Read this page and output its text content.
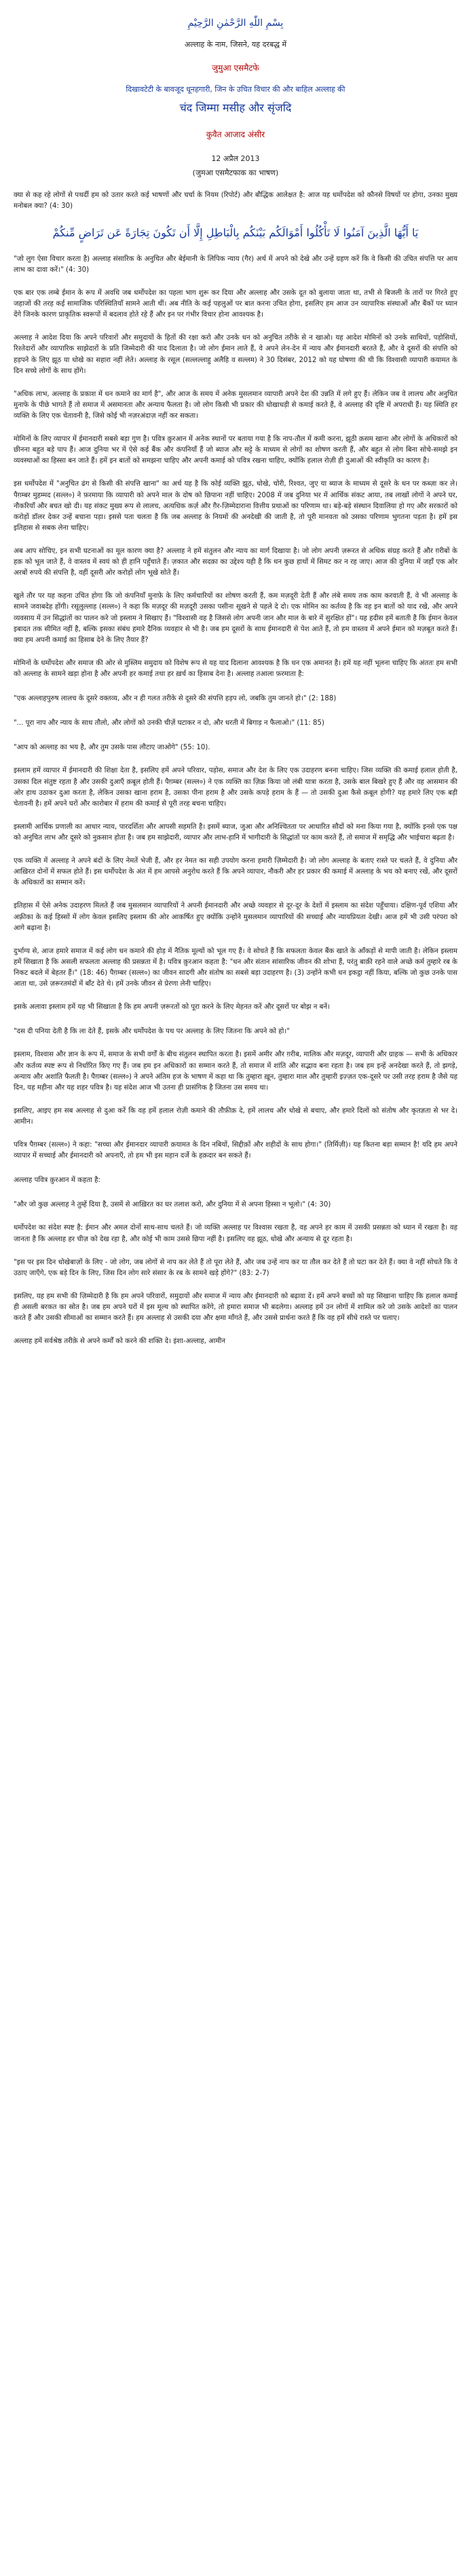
بِسْمِ اللّٰهِ الرَّحْمٰنِ الرَّحِيْمِ
अल्लाह के नाम, जिसने, यह दरबद्ध में
जुमुआ एसमैटफे
दिखावटेटी के बावजूद धूनहगारी, जिन के उचित विचार की और बाहिल अल्लाह की
चंद जिम्मा मसीह और सृंजदि
कुवैत आजाद अंसीर
12 अप्रैल 2013
(जुमआ एसमैटफाक का भाषण)

क्या से कह रहे लोगों से पथर्दी हम को उतार करते कई भाषणों और चर्चा के नियम (रिपोर्ट) और बौद्धिक आलेक्षत है: आज यह धर्मोपदेश को कौनसे विषयों पर होगा, उनका मुख्य मनोबल क्या? (4: 30)

يَا أَيُّهَا الَّذِينَ آمَنُوا لَا تَأْكُلُوا أَمْوَالَكُم بَيْنَكُم بِالْبَاطِلِ إِلَّا أَن تَكُونَ تِجَارَةً عَن تَرَاضٍ مِّنكُمْ

"जो लुग ऐसा विचार करता है) अल्लाह संसारिक के अनुचित और बेईमानी के लिपिक न्याय (गैर) अर्थ में अपने को देखे और उन्हें ग्रहण करें कि वे किसी की उचित संपत्ति पर आय लाभ का दावा करें।" (4: 30)

एक बार एक लम्बे ईमान के रूप में अवधि जब धर्मोपदेश का पहला भाग शुरू कर दिया और अल्लाह और उसके दूत को बुलाया जाता था, तभी से बिजली के तारों पर गिरते हुए जहाजों की तरह कई सामाजिक परिस्थितियाँ सामने आती थीं। अब नीति के कई पहलुओं पर बात करना उचित होगा, इसलिए हम आज उन व्यापारिक संस्थाओं और बैंकों पर ध्यान देंगे जिनके कारण प्राकृतिक स्वरूपों में बदलाव होते रहे हैं और इन पर गंभीर विचार होना आवश्यक है।

अल्लाह ने आदेश दिया कि अपने परिवारों और समुदायों के हितों की रक्षा करो और उनके धन को अनुचित तरीके से न खाओ। यह आदेश मोमिनों को उनके साथियों, पड़ोसियों, रिश्तेदारों और व्यापारिक साझेदारों के प्रति जिम्मेदारी की याद दिलाता है। जो लोग ईमान लाते हैं, वे अपने लेन-देन में न्याय और ईमानदारी बरतते हैं, और वे दूसरों की संपत्ति को हड़पने के लिए झूठ या धोखे का सहारा नहीं लेते। अल्लाह के रसूल (सल्लल्लाहु अलैहि व सल्लम) ने 30 दिसंबर, 2012 को यह घोषणा की थी कि विश्वासी व्यापारी कयामत के दिन सच्चे लोगों के साथ होंगे।

"अधिक लाभ, अल्लाह के प्रकाश में धन कमाने का मार्ग है", और आज के समय में अनेक मुसलमान व्यापारी अपने देश की उन्नति में लगे हुए हैं। लेकिन जब वे लालच और अनुचित मुनाफे के पीछे भागते हैं तो समाज में असमानता और अन्याय फैलता है। जो लोग किसी भी प्रकार की धोखाधड़ी से कमाई करते हैं, वे अल्लाह की दृष्टि में अपराधी हैं। यह स्थिति हर व्यक्ति के लिए एक चेतावनी है, जिसे कोई भी नज़रअंदाज़ नहीं कर सकता।

मोमिनों के लिए व्यापार में ईमानदारी सबसे बड़ा गुण है। पवित्र क़ुरआन में अनेक स्थानों पर बताया गया है कि नाप-तौल में कमी करना, झूठी क़सम खाना और लोगों के अधिकारों को छीनना बहुत बड़े पाप हैं। आज दुनिया भर में ऐसे कई बैंक और कंपनियाँ हैं जो ब्याज और सट्टे के माध्यम से लोगों का शोषण करती हैं, और बहुत से लोग बिना सोचे-समझे इन व्यवस्थाओं का हिस्सा बन जाते हैं। हमें इन बातों को समझना चाहिए और अपनी कमाई को पवित्र रखना चाहिए, क्योंकि हलाल रोज़ी ही दुआओं की स्वीकृति का कारण है।

इस धर्मोपदेश में "अनुचित ढंग से किसी की संपत्ति खाना" का अर्थ यह है कि कोई व्यक्ति झूठ, धोखे, चोरी, रिश्वत, जुए या ब्याज के माध्यम से दूसरे के धन पर कब्ज़ा कर ले। पैग़म्बर मुहम्मद (सल्ल०) ने फ़रमाया कि व्यापारी को अपने माल के दोष को छिपाना नहीं चाहिए। 2008 में जब दुनिया भर में आर्थिक संकट आया, तब लाखों लोगों ने अपने घर, नौकरियाँ और बचत खो दी। यह संकट मुख्य रूप से लालच, अत्यधिक कर्ज़ और ग़ैर-ज़िम्मेदाराना वित्तीय प्रथाओं का परिणाम था। बड़े-बड़े संस्थान दिवालिया हो गए और सरकारों को करोड़ों डॉलर देकर उन्हें बचाना पड़ा। इससे पता चलता है कि जब अल्लाह के नियमों की अनदेखी की जाती है, तो पूरी मानवता को उसका परिणाम भुगतना पड़ता है। हमें इस इतिहास से सबक लेना चाहिए।

अब आप सोचिए, इन सभी घटनाओं का मूल कारण क्या है? अल्लाह ने हमें संतुलन और न्याय का मार्ग दिखाया है। जो लोग अपनी ज़रूरत से अधिक संग्रह करते हैं और ग़रीबों के हक़ को भूल जाते हैं, वे वास्तव में स्वयं को ही हानि पहुँचाते हैं। ज़कात और सदक़ा का उद्देश्य यही है कि धन कुछ हाथों में सिमट कर न रह जाए। आज की दुनिया में जहाँ एक ओर अरबों रुपये की संपत्ति है, वहीं दूसरी ओर करोड़ों लोग भूखे सोते हैं।

खुले तौर पर यह कहना उचित होगा कि जो कंपनियाँ मुनाफ़े के लिए कर्मचारियों का शोषण करती हैं, कम मज़दूरी देती हैं और लंबे समय तक काम करवाती हैं, वे भी अल्लाह के सामने जवाबदेह होंगी। रसूलुल्लाह (सल्ल०) ने कहा कि मज़दूर की मज़दूरी उसका पसीना सूखने से पहले दे दो। एक मोमिन का कर्तव्य है कि वह इन बातों को याद रखे, और अपने व्यवसाय में उन सिद्धांतों का पालन करे जो इस्लाम ने सिखाए हैं। "विश्वासी वह है जिससे लोग अपनी जान और माल के बारे में सुरक्षित हों"। यह हदीस हमें बताती है कि ईमान केवल इबादत तक सीमित नहीं है, बल्कि इसका संबंध हमारे दैनिक व्यवहार से भी है। जब हम दूसरों के साथ ईमानदारी से पेश आते हैं, तो हम वास्तव में अपने ईमान को मज़बूत करते हैं। क्या हम अपनी कमाई का हिसाब देने के लिए तैयार हैं?

मोमिनों के धर्मोपदेश और समाज की ओर से मुस्लिम समुदाय को विशेष रूप से यह याद दिलाना आवश्यक है कि धन एक अमानत है। हमें यह नहीं भूलना चाहिए कि अंततः हम सभी को अल्लाह के सामने खड़ा होना है और अपनी हर कमाई तथा हर ख़र्च का हिसाब देना है। अल्लाह तआला फ़रमाता है:

"एक अल्लाहपुरुष लालच के दूसरे वक्तव्य, और न ही गलत तरीके से दूसरे की संपत्ति हड़प लो, जबकि तुम जानते हो।" (2: 188)

"... पूरा नाप और न्याय के साथ तौलो, और लोगों को उनकी चीज़ें घटाकर न दो, और धरती में बिगाड़ न फैलाओ।" (11: 85)

"आप को अल्लाह का भय है, और तुम उसके पास लौटाए जाओगे" (55: 10).

इस्लाम हमें व्यापार में ईमानदारी की शिक्षा देता है, इसलिए हमें अपने परिवार, पड़ोस, समाज और देश के लिए एक उदाहरण बनना चाहिए। जिस व्यक्ति की कमाई हलाल होती है, उसका दिल संतुष्ट रहता है और उसकी दुआएँ क़बूल होती हैं। पैग़म्बर (सल्ल०) ने एक व्यक्ति का ज़िक्र किया जो लंबी यात्रा करता है, उसके बाल बिखरे हुए हैं और वह आसमान की ओर हाथ उठाकर दुआ करता है, लेकिन उसका खाना हराम है, उसका पीना हराम है और उसके कपड़े हराम के हैं — तो उसकी दुआ कैसे क़बूल होगी? यह हमारे लिए एक बड़ी चेतावनी है। हमें अपने घरों और कारोबार में हराम की कमाई से पूरी तरह बचना चाहिए।

इस्लामी आर्थिक प्रणाली का आधार न्याय, पारदर्शिता और आपसी सहमति है। इसमें ब्याज, जुआ और अनिश्चितता पर आधारित सौदों को मना किया गया है, क्योंकि इनसे एक पक्ष को अनुचित लाभ और दूसरे को नुक़सान होता है। जब हम साझेदारी, व्यापार और लाभ-हानि में भागीदारी के सिद्धांतों पर काम करते हैं, तो समाज में समृद्धि और भाईचारा बढ़ता है।

एक व्यक्ति में अल्लाह ने अपने बंदों के लिए नेमतें भेजी हैं, और हर नेमत का सही उपयोग करना हमारी ज़िम्मेदारी है। जो लोग अल्लाह के बताए रास्ते पर चलते हैं, वे दुनिया और आख़िरत दोनों में सफल होते हैं। इस धर्मोपदेश के अंत में हम आपसे अनुरोध करते हैं कि अपने व्यापार, नौकरी और हर प्रकार की कमाई में अल्लाह के भय को बनाए रखें, और दूसरों के अधिकारों का सम्मान करें।

इतिहास में ऐसे अनेक उदाहरण मिलते हैं जब मुसलमान व्यापारियों ने अपनी ईमानदारी और अच्छे व्यवहार से दूर-दूर के देशों में इस्लाम का संदेश पहुँचाया। दक्षिण-पूर्व एशिया और अफ़्रीका के कई हिस्सों में लोग केवल इसलिए इस्लाम की ओर आकर्षित हुए क्योंकि उन्होंने मुसलमान व्यापारियों की सच्चाई और न्यायप्रियता देखी। आज हमें भी उसी परंपरा को आगे बढ़ाना है।

दुर्भाग्य से, आज हमारे समाज में कई लोग धन कमाने की होड़ में नैतिक मूल्यों को भूल गए हैं। वे सोचते हैं कि सफलता केवल बैंक खाते के आँकड़ों से मापी जाती है। लेकिन इस्लाम हमें सिखाता है कि असली सफलता अल्लाह की प्रसन्नता में है। पवित्र क़ुरआन कहता है: "धन और संतान सांसारिक जीवन की शोभा हैं, परंतु बाक़ी रहने वाले अच्छे कर्म तुम्हारे रब के निकट बदले में बेहतर हैं।" (18: 46) पैग़म्बर (सल्ल०) का जीवन सादगी और संतोष का सबसे बड़ा उदाहरण है। (3) उन्होंने कभी धन इकट्ठा नहीं किया, बल्कि जो कुछ उनके पास आता था, उसे ज़रूरतमंदों में बाँट देते थे। हमें उनके जीवन से प्रेरणा लेनी चाहिए।

इसके अलावा इस्लाम हमें यह भी सिखाता है कि हम अपनी ज़रूरतों को पूरा करने के लिए मेहनत करें और दूसरों पर बोझ न बनें।

"दस दी पनिया देती है कि ला देते हैं, इसके और धर्मोपदेश के पथ पर अल्लाह के लिए जितना कि अपने को हो।"

इस्लाम, विश्वास और ज्ञान के रूप में, समाज के सभी वर्गों के बीच संतुलन स्थापित करता है। इसमें अमीर और ग़रीब, मालिक और मज़दूर, व्यापारी और ग्राहक — सभी के अधिकार और कर्तव्य स्पष्ट रूप से निर्धारित किए गए हैं। जब हम इन अधिकारों का सम्मान करते हैं, तो समाज में शांति और सद्भाव बना रहता है। जब हम इन्हें अनदेखा करते हैं, तो झगड़े, अन्याय और अशांति फैलती है। पैग़म्बर (सल्ल०) ने अपने अंतिम हज के भाषण में कहा था कि तुम्हारा ख़ून, तुम्हारा माल और तुम्हारी इज़्ज़त एक-दूसरे पर उसी तरह हराम है जैसे यह दिन, यह महीना और यह शहर पवित्र है। यह संदेश आज भी उतना ही प्रासंगिक है जितना उस समय था।

इसलिए, आइए हम सब अल्लाह से दुआ करें कि वह हमें हलाल रोज़ी कमाने की तौफ़ीक़ दे, हमें लालच और धोखे से बचाए, और हमारे दिलों को संतोष और कृतज्ञता से भर दे। आमीन।

पवित्र पैग़म्बर (सल्ल०) ने कहा: "सच्चा और ईमानदार व्यापारी क़यामत के दिन नबियों, सिद्दीक़ों और शहीदों के साथ होगा।" (तिर्मिज़ी)। यह कितना बड़ा सम्मान है! यदि हम अपने व्यापार में सच्चाई और ईमानदारी को अपनाएँ, तो हम भी इस महान दर्जे के हक़दार बन सकते हैं।

अल्लाह पवित्र क़ुरआन में कहता है:

"और जो कुछ अल्लाह ने तुम्हें दिया है, उसमें से आख़िरत का घर तलाश करो, और दुनिया में से अपना हिस्सा न भूलो।" (4: 30)

धर्मोपदेश का संदेश स्पष्ट है: ईमान और अमल दोनों साथ-साथ चलते हैं। जो व्यक्ति अल्लाह पर विश्वास रखता है, वह अपने हर काम में उसकी प्रसन्नता को ध्यान में रखता है। वह जानता है कि अल्लाह हर चीज़ को देख रहा है, और कोई भी काम उससे छिपा नहीं है। इसलिए वह झूठ, धोखे और अन्याय से दूर रहता है।

"इस पर इस दिन धोखेबाज़ों के लिए - जो लोग, जब लोगों से नाप कर लेते हैं तो पूरा लेते हैं, और जब उन्हें नाप कर या तौल कर देते हैं तो घटा कर देते हैं। क्या वे नहीं सोचते कि वे उठाए जाएँगे, एक बड़े दिन के लिए, जिस दिन लोग सारे संसार के रब के सामने खड़े होंगे?" (83: 2-7)

इसलिए, यह हम सभी की ज़िम्मेदारी है कि हम अपने परिवारों, समुदायों और समाज में न्याय और ईमानदारी को बढ़ावा दें। हमें अपने बच्चों को यह सिखाना चाहिए कि हलाल कमाई ही असली बरकत का स्रोत है। जब हम अपने घरों में इस मूल्य को स्थापित करेंगे, तो हमारा समाज भी बदलेगा। अल्लाह हमें उन लोगों में शामिल करे जो उसके आदेशों का पालन करते हैं और उसकी सीमाओं का सम्मान करते हैं। हम अल्लाह से उसकी दया और क्षमा माँगते हैं, और उससे प्रार्थना करते हैं कि वह हमें सीधे रास्ते पर चलाए।

अल्लाह हमें सर्वश्रेष्ठ तरीक़े से अपने कर्मों को करने की शक्ति दे। इंशा-अल्लाह, आमीन
